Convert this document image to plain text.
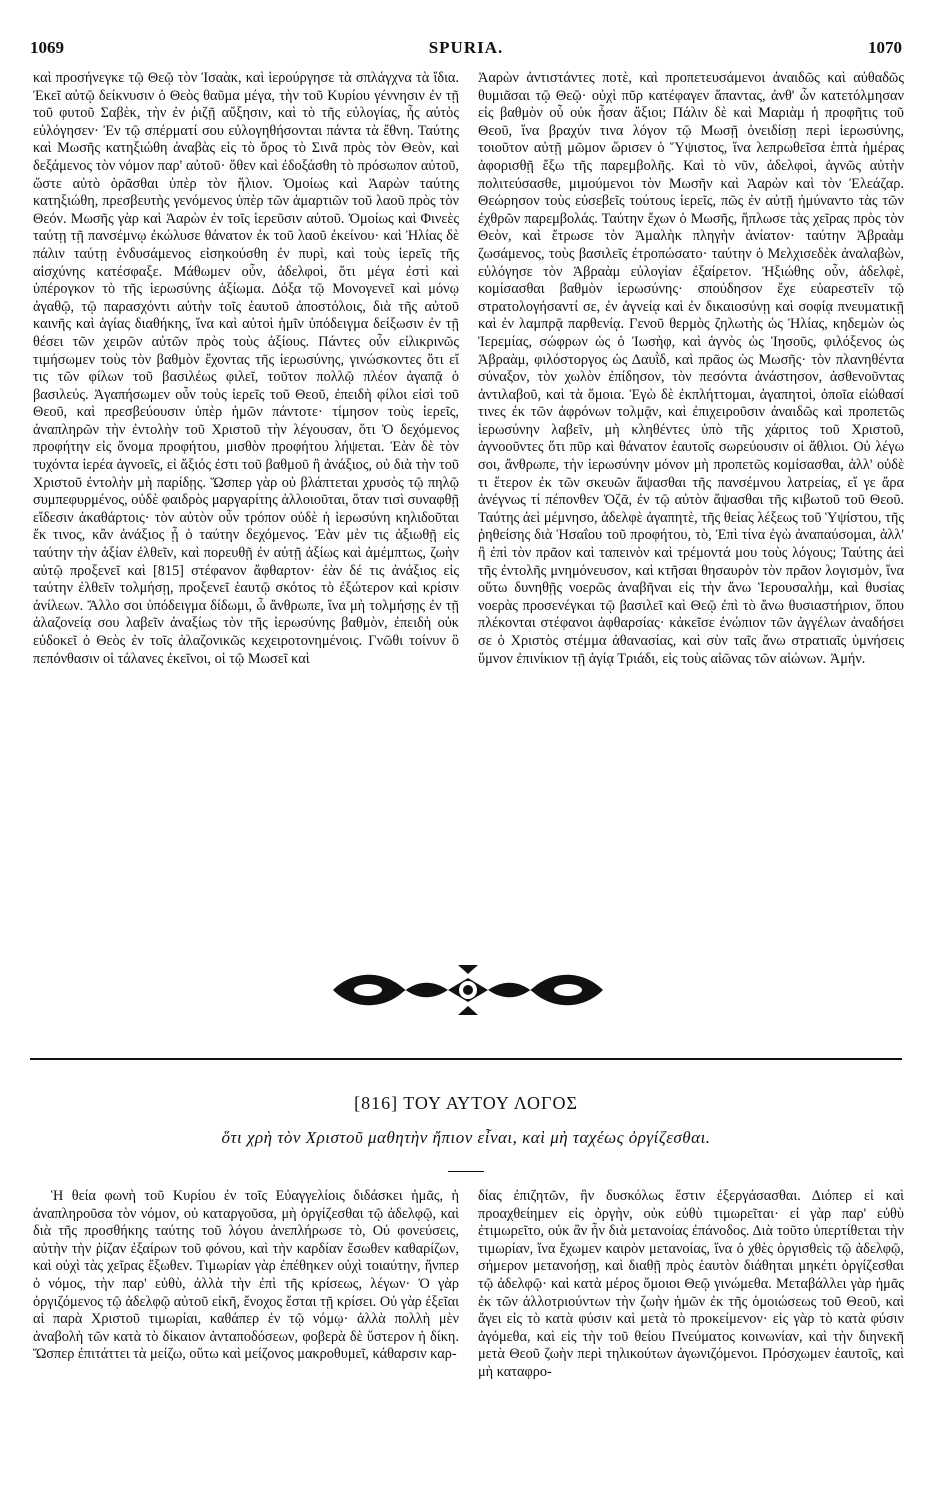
1069	SPURIA.	1070

καὶ προσήνεγκε τῷ Θεῷ τὸν Ἰσαὰκ, καὶ ἱερούργησε τὰ σπλάγχνα τὰ ἴδια. Ἐκεῖ αὐτῷ δείκνυσιν ὁ Θεὸς θαῦμα μέγα, τὴν τοῦ Κυρίου γέννησιν ἐν τῇ τοῦ φυτοῦ Σαβὲκ, τὴν ἐν ῥιζῇ αὔξησιν, καὶ τὸ τῆς εὐλογίας, ἧς αὐτὸς εὐλόγησεν· Ἐν τῷ σπέρματί σου εὐλογηθήσονται πάντα τὰ ἔθνη. Ταύτης καὶ Μωσῆς κατηξιώθη ἀναβὰς εἰς τὸ ὄρος τὸ Σινᾶ πρὸς τὸν Θεὸν, καὶ δεξάμενος τὸν νόμον παρ' αὐτοῦ· ὅθεν καὶ ἐδοξάσθη τὸ πρόσωπον αὐτοῦ, ὥστε αὐτὸ ὁρᾶσθαι ὑπὲρ τὸν ἥλιον. Ὁμοίως καὶ Ἀαρὼν ταύτης κατηξιώθη, πρεσβευτὴς γενόμενος ὑπὲρ τῶν ἁμαρτιῶν τοῦ λαοῦ πρὸς τὸν Θεόν. Μωσῆς γὰρ καὶ Ἀαρὼν ἐν τοῖς ἱερεῦσιν αὐτοῦ. Ὁμοίως καὶ Φινεὲς ταύτῃ τῇ πανσέμνῳ ἐκώλυσε θάνατον ἐκ τοῦ λαοῦ ἐκείνου· καὶ Ἠλίας δὲ πάλιν ταύτῃ ἐνδυσάμενος εἰσηκούσθη ἐν πυρὶ, καὶ τοὺς ἱερεῖς τῆς αἰσχύνης κατέσφαξε. Μάθωμεν οὖν, ἀδελφοὶ, ὅτι μέγα ἐστὶ καὶ ὑπέρογκον τὸ τῆς ἱερωσύνης ἀξίωμα. Δόξα τῷ Μονογενεῖ καὶ μόνῳ ἀγαθῷ, τῷ παρασχόντι αὐτὴν τοῖς ἑαυτοῦ ἀποστόλοις, διὰ τῆς αὐτοῦ καινῆς καὶ ἁγίας διαθήκης, ἵνα καὶ αὐτοὶ ἡμῖν ὑπόδειγμα δείξωσιν ἐν τῇ θέσει τῶν χειρῶν αὐτῶν πρὸς τοὺς ἀξίους. Πάντες οὖν εἰλικρινῶς τιμήσωμεν τοὺς τὸν βαθμὸν ἔχοντας τῆς ἱερωσύνης, γινώσκοντες ὅτι εἴ τις τῶν φίλων τοῦ βασιλέως φιλεῖ, τοῦτον πολλῷ πλέον ἀγαπᾷ ὁ βασιλεύς. Ἀγαπήσωμεν οὖν τοὺς ἱερεῖς τοῦ Θεοῦ, ἐπειδὴ φίλοι εἰσὶ τοῦ Θεοῦ, καὶ πρεσβεύουσιν ὑπὲρ ἡμῶν πάντοτε· τίμησον τοὺς ἱερεῖς, ἀναπληρῶν τὴν ἐντολὴν τοῦ Χριστοῦ τὴν λέγουσαν, ὅτι Ὁ δεχόμενος προφήτην εἰς ὄνομα προφήτου, μισθὸν προφήτου λήψεται. Ἐὰν δὲ τὸν τυχόντα ἱερέα ἀγνοεῖς, εἰ ἄξιός ἐστι τοῦ βαθμοῦ ἢ ἀνάξιος, οὐ διὰ τὴν τοῦ Χριστοῦ ἐντολὴν μὴ παρίδῃς. Ὥσπερ γὰρ οὐ βλάπτεται χρυσὸς τῷ πηλῷ συμπεφυρμένος, οὐδὲ φαιδρὸς μαργαρίτης ἀλλοιοῦται, ὅταν τισὶ συναφθῇ εἴδεσιν ἀκαθάρτοις· τὸν αὐτὸν οὖν τρόπον οὐδὲ ἡ ἱερωσύνη κηλιδοῦται ἔκ τινος, κἂν ἀνάξιος ᾖ ὁ ταύτην δεχόμενος. Ἐὰν μὲν τις ἀξιωθῇ εἰς ταύτην τὴν ἀξίαν ἐλθεῖν, καὶ πορευθῇ ἐν αὐτῇ ἀξίως καὶ ἀμέμπτως, ζωὴν αὐτῷ προξενεῖ καὶ [815] στέφανον ἄφθαρτον· ἐὰν δέ τις ἀνάξιος εἰς ταύτην ἐλθεῖν τολμήσῃ, προξενεῖ ἑαυτῷ σκότος τὸ ἐξώτερον καὶ κρίσιν ἀνίλεων. Ἄλλο σοι ὑπόδειγμα δίδωμι, ὦ ἄνθρωπε, ἵνα μὴ τολμήσῃς ἐν τῇ ἀλαζονείᾳ σου λαβεῖν ἀναξίως τὸν τῆς ἱερωσύνης βαθμὸν, ἐπειδὴ οὐκ εὐδοκεῖ ὁ Θεὸς ἐν τοῖς ἀλαζονικῶς κεχειροτονημένοις. Γνῶθι τοίνυν ὃ πεπόνθασιν οἱ τάλανες ἐκεῖνοι, οἱ τῷ Μωσεῖ καὶ

Ἀαρὼν ἀντιστάντες ποτὲ, καὶ προπετευσάμενοι ἀναιδῶς καὶ αὐθαδῶς θυμιᾶσαι τῷ Θεῷ· οὐχὶ πῦρ κατέφαγεν ἅπαντας, ἀνθ' ὧν κατετόλμησαν εἰς βαθμὸν οὗ οὐκ ἦσαν ἄξιοι; Πάλιν δὲ καὶ Μαριὰμ ἡ προφῆτις τοῦ Θεοῦ, ἵνα βραχύν τινα λόγον τῷ Μωσῇ ὀνειδίσῃ περὶ ἱερωσύνης, τοιοῦτον αὐτῇ μῶμον ὥρισεν ὁ Ὕψιστος, ἵνα λεπρωθεῖσα ἑπτὰ ἡμέρας ἀφορισθῇ ἔξω τῆς παρεμβολῆς. Καὶ τὸ νῦν, ἀδελφοὶ, ἁγνῶς αὐτὴν πολιτεύσασθε, μιμούμενοι τὸν Μωσῆν καὶ Ἀαρὼν καὶ τὸν Ἐλεάζαρ. Θεώρησον τοὺς εὐσεβεῖς τούτους ἱερεῖς, πῶς ἐν αὐτῇ ἠμύναντο τὰς τῶν ἐχθρῶν παρεμβολάς. Ταύτην ἔχων ὁ Μωσῆς, ἥπλωσε τὰς χεῖρας πρὸς τὸν Θεὸν, καὶ ἔτρωσε τὸν Ἀμαλὴκ πληγὴν ἀνίατον· ταύτην Ἀβραὰμ ζωσάμενος, τοὺς βασιλεῖς ἐτροπώσατο· ταύτην ὁ Μελχισεδὲκ ἀναλαβὼν, εὐλόγησε τὸν Ἀβραὰμ εὐλογίαν ἐξαίρετον. Ἠξιώθης οὖν, ἀδελφὲ, κομίσασθαι βαθμὸν ἱερωσύνης· σπούδησον ἔχε εὐαρεστεῖν τῷ στρατολογήσαντί σε, ἐν ἁγνείᾳ καὶ ἐν δικαιοσύνῃ καὶ σοφίᾳ πνευματικῇ καὶ ἐν λαμπρᾷ παρθενίᾳ. Γενοῦ θερμὸς ζηλωτὴς ὡς Ἠλίας, κηδεμὼν ὡς Ἱερεμίας, σώφρων ὡς ὁ Ἰωσὴφ, καὶ ἁγνὸς ὡς Ἰησοῦς, φιλόξενος ὡς Ἀβραὰμ, φιλόστοργος ὡς Δαυῒδ, καὶ πρᾶος ὡς Μωσῆς· τὸν πλανηθέντα σύναξον, τὸν χωλὸν ἐπίδησον, τὸν πεσόντα ἀνάστησον, ἀσθενοῦντας ἀντιλαβοῦ, καὶ τὰ ὅμοια. Ἐγὼ δὲ ἐκπλήττομαι, ἀγαπητοὶ, ὁποῖα εἰώθασί τινες ἐκ τῶν ἀφρόνων τολμᾷν, καὶ ἐπιχειροῦσιν ἀναιδῶς καὶ προπετῶς ἱερωσύνην λαβεῖν, μὴ κληθέντες ὑπὸ τῆς χάριτος τοῦ Χριστοῦ, ἀγνοοῦντες ὅτι πῦρ καὶ θάνατον ἑαυτοῖς σωρεύουσιν οἱ ἄθλιοι. Οὐ λέγω σοι, ἄνθρωπε, τὴν ἱερωσύνην μόνον μὴ προπετῶς κομίσασθαι, ἀλλ' οὐδὲ τι ἕτερον ἐκ τῶν σκευῶν ἅψασθαι τῆς πανσέμνου λατρείας, εἴ γε ἄρα ἀνέγνως τί πέπονθεν Ὀζᾶ, ἐν τῷ αὐτὸν ἅψασθαι τῆς κιβωτοῦ τοῦ Θεοῦ. Ταύτης ἀεὶ μέμνησο, ἀδελφὲ ἀγαπητὲ, τῆς θείας λέξεως τοῦ Ὑψίστου, τῆς ῥηθείσης διὰ Ἡσαΐου τοῦ προφήτου, τὸ, Ἐπὶ τίνα ἐγὼ ἀναπαύσομαι, ἀλλ' ἢ ἐπὶ τὸν πρᾶον καὶ ταπεινὸν καὶ τρέμοντά μου τοὺς λόγους; Ταύτης ἀεὶ τῆς ἐντολῆς μνημόνευσον, καὶ κτῆσαι θησαυρὸν τὸν πρᾶον λογισμὸν, ἵνα οὕτω δυνηθῇς νοερῶς ἀναβῆναι εἰς τὴν ἄνω Ἱερουσαλὴμ, καὶ θυσίας νοερὰς προσενέγκαι τῷ βασιλεῖ καὶ Θεῷ ἐπὶ τὸ ἄνω θυσιαστήριον, ὅπου πλέκονται στέφανοι ἀφθαρσίας· κἀκεῖσε ἐνώπιον τῶν ἀγγέλων ἀναδήσει σε ὁ Χριστὸς στέμμα ἀθανασίας, καὶ σὺν ταῖς ἄνω στρατιαῖς ὑμνήσεις ὕμνον ἐπινίκιον τῇ ἁγίᾳ Τριάδι, εἰς τοὺς αἰῶνας τῶν αἰώνων. Ἀμήν.

[816] ΤΟΥ ΑΥΤΟΥ ΛΟΓΟΣ
ὅτι χρὴ τὸν Χριστοῦ μαθητὴν ἤπιον εἶναι, καὶ μὴ ταχέως ὀργίζεσθαι.

Ἡ θεία φωνὴ τοῦ Κυρίου ἐν τοῖς Εὐαγγελίοις διδάσκει ἡμᾶς, ἡ ἀναπληροῦσα τὸν νόμον, οὐ καταργοῦσα, μὴ ὀργίζεσθαι τῷ ἀδελφῷ, καὶ διὰ τῆς προσθήκης ταύτης τοῦ λόγου ἀνεπλήρωσε τὸ, Οὐ φονεύσεις, αὐτὴν τὴν ῥίζαν ἐξαίρων τοῦ φόνου, καὶ τὴν καρδίαν ἔσωθεν καθαρίζων, καὶ οὐχὶ τὰς χεῖρας ἔξωθεν. Τιμωρίαν γὰρ ἐπέθηκεν οὐχὶ τοιαύτην, ἥνπερ ὁ νόμος, τὴν παρ' εὐθὺ, ἀλλὰ τὴν ἐπὶ τῆς κρίσεως, λέγων· Ὁ γὰρ ὀργιζόμενος τῷ ἀδελφῷ αὐτοῦ εἰκῆ, ἔνοχος ἔσται τῇ κρίσει. Οὐ γὰρ ἐξεῖαι αἱ παρὰ Χριστοῦ τιμωρίαι, καθάπερ ἐν τῷ νόμῳ· ἀλλὰ πολλὴ μὲν ἀναβολὴ τῶν κατὰ τὸ δίκαιον ἀνταποδόσεων, φοβερὰ δὲ ὕστερον ἡ δίκη. Ὥσπερ ἐπιτάττει τὰ μείζω, οὕτω καὶ μείζονος μακροθυμεῖ, κάθαρσιν καρ-

δίας ἐπιζητῶν, ἣν δυσκόλως ἔστιν ἐξεργάσασθαι. Διόπερ εἰ καὶ προαχθείημεν εἰς ὀργὴν, οὐκ εὐθὺ τιμωρεῖται· εἰ γὰρ παρ' εὐθὺ ἐτιμωρεῖτο, οὐκ ἂν ἦν διὰ μετανοίας ἐπάνοδος. Διὰ τοῦτο ὑπερτίθεται τὴν τιμωρίαν, ἵνα ἔχωμεν καιρὸν μετανοίας, ἵνα ὁ χθὲς ὀργισθεὶς τῷ ἀδελφῷ, σήμερον μετανοήσῃ, καὶ διαθῇ πρὸς ἑαυτὸν διάθηται μηκέτι ὀργίζεσθαι τῷ ἀδελφῷ· καὶ κατὰ μέρος ὅμοιοι Θεῷ γινώμεθα. Μεταβάλλει γὰρ ἡμᾶς ἐκ τῶν ἀλλοτριούντων τὴν ζωὴν ἡμῶν ἐκ τῆς ὁμοιώσεως τοῦ Θεοῦ, καὶ ἄγει εἰς τὸ κατὰ φύσιν καὶ μετὰ τὸ προκείμενον· εἰς γὰρ τὸ κατὰ φύσιν ἀγόμεθα, καὶ εἰς τὴν τοῦ θείου Πνεύματος κοινωνίαν, καὶ τὴν διηνεκῆ μετὰ Θεοῦ ζωὴν περὶ τηλικούτων ἀγωνιζόμενοι. Πρόσχωμεν ἑαυτοῖς, καὶ μὴ καταφρο-
